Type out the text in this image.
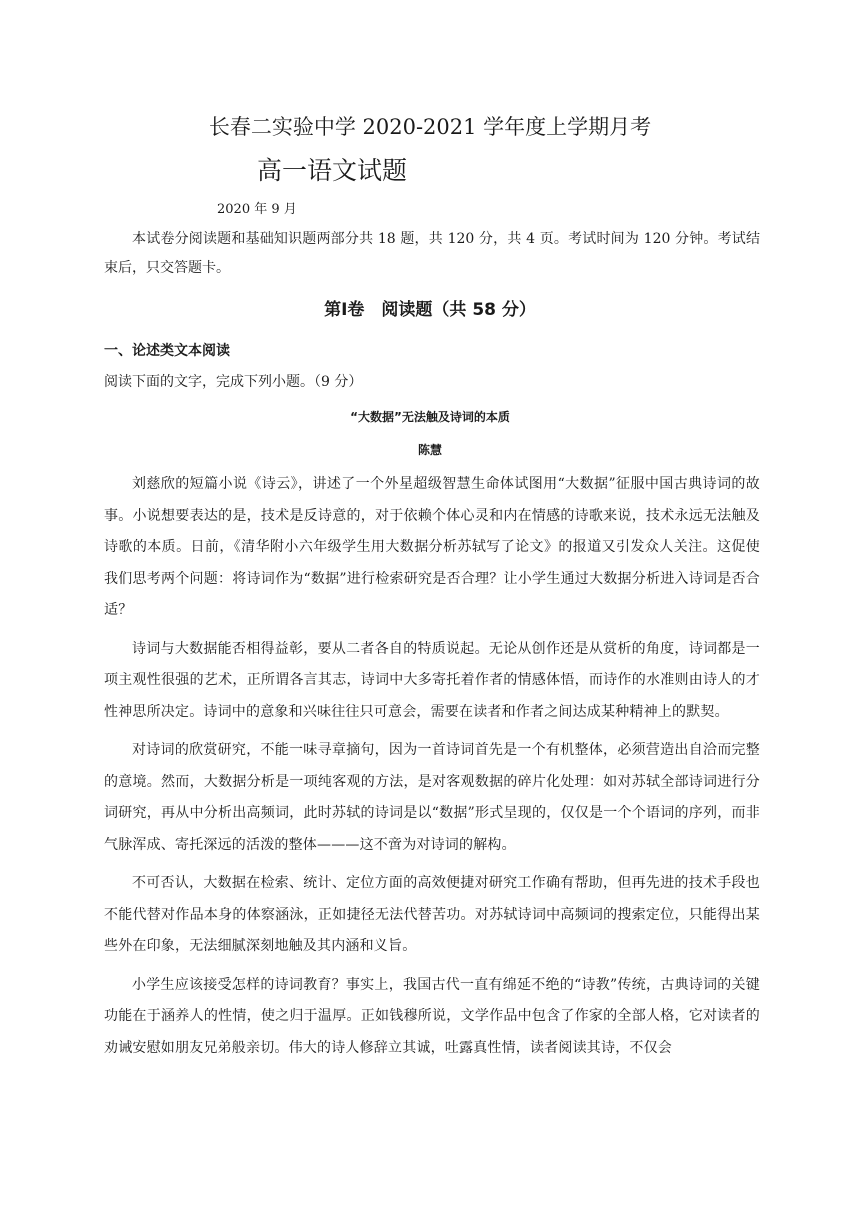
长春二实验中学 2020-2021 学年度上学期月考
高一语文试题
2020 年 9 月

本试卷分阅读题和基础知识题两部分共 18 题，共 120 分，共 4 页。考试时间为 120 分钟。考试结束后，只交答题卡。

第Ⅰ卷　阅读题（共 58 分）
一、论述类文本阅读
阅读下面的文字，完成下列小题。（9 分）
“大数据”无法触及诗词的本质
陈慧

刘慈欣的短篇小说《诗云》，讲述了一个外星超级智慧生命体试图用“大数据”征服中国古典诗词的故事。小说想要表达的是，技术是反诗意的，对于依赖个体心灵和内在情感的诗歌来说，技术永远无法触及诗歌的本质。日前，《清华附小六年级学生用大数据分析苏轼写了论文》的报道又引发众人关注。这促使我们思考两个问题：将诗词作为“数据”进行检索研究是否合理？让小学生通过大数据分析进入诗词是否合适？

诗词与大数据能否相得益彰，要从二者各自的特质说起。无论从创作还是从赏析的角度，诗词都是一项主观性很强的艺术，正所谓各言其志，诗词中大多寄托着作者的情感体悟，而诗作的水准则由诗人的才性神思所决定。诗词中的意象和兴味往往只可意会，需要在读者和作者之间达成某种精神上的默契。

对诗词的欣赏研究，不能一味寻章摘句，因为一首诗词首先是一个有机整体，必须营造出自洽而完整的意境。然而，大数据分析是一项纯客观的方法，是对客观数据的碎片化处理：如对苏轼全部诗词进行分词研究，再从中分析出高频词，此时苏轼的诗词是以“数据”形式呈现的，仅仅是一个个语词的序列，而非气脉浑成、寄托深远的活泼的整体———这不啻为对诗词的解构。

不可否认，大数据在检索、统计、定位方面的高效便捷对研究工作确有帮助，但再先进的技术手段也不能代替对作品本身的体察涵泳，正如捷径无法代替苦功。对苏轼诗词中高频词的搜索定位，只能得出某些外在印象，无法细腻深刻地触及其内涵和义旨。

小学生应该接受怎样的诗词教育？事实上，我国古代一直有绵延不绝的“诗教”传统，古典诗词的关键功能在于涵养人的性情，使之归于温厚。正如钱穆所说，文学作品中包含了作家的全部人格，它对读者的劝诫安慰如朋友兄弟般亲切。伟大的诗人修辞立其诚，吐露真性情，读者阅读其诗，不仅会
